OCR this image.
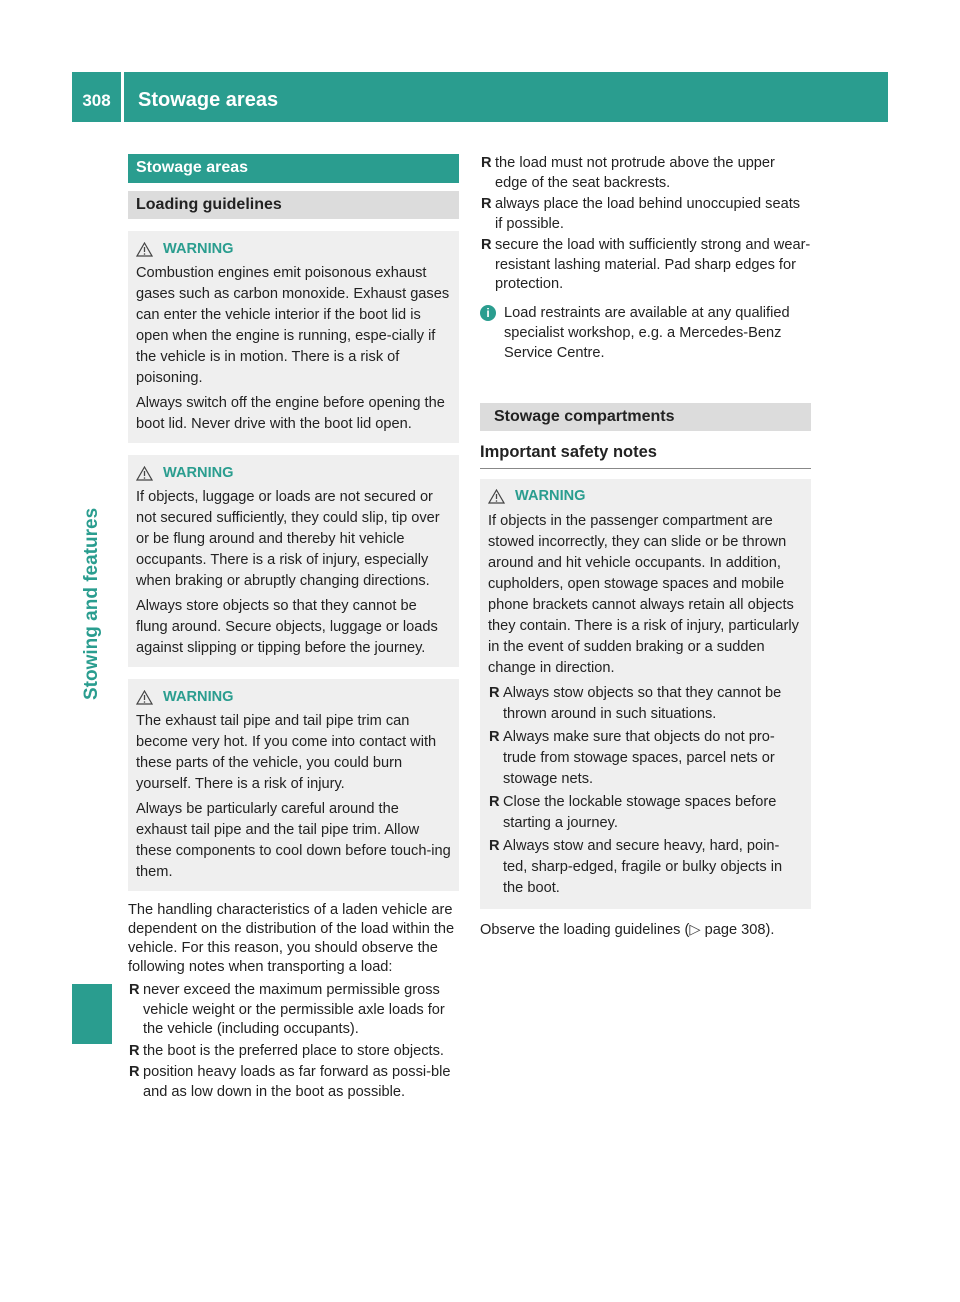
308	Stowage areas
Stowing and features
Stowage areas
Loading guidelines
WARNING

Combustion engines emit poisonous exhaust gases such as carbon monoxide. Exhaust gases can enter the vehicle interior if the boot lid is open when the engine is running, espe-cially if the vehicle is in motion. There is a risk of poisoning.

Always switch off the engine before opening the boot lid. Never drive with the boot lid open.

WARNING

If objects, luggage or loads are not secured or not secured sufficiently, they could slip, tip over or be flung around and thereby hit vehicle occupants. There is a risk of injury, especially when braking or abruptly changing directions.

Always store objects so that they cannot be flung around. Secure objects, luggage or loads against slipping or tipping before the journey.

WARNING

The exhaust tail pipe and tail pipe trim can become very hot. If you come into contact with these parts of the vehicle, you could burn yourself. There is a risk of injury.

Always be particularly careful around the exhaust tail pipe and the tail pipe trim. Allow these components to cool down before touch-ing them.

The handling characteristics of a laden vehicle are dependent on the distribution of the load within the vehicle. For this reason, you should observe the following notes when transporting a load:

R never exceed the maximum permissible gross vehicle weight or the permissible axle loads for the vehicle (including occupants).
R the boot is the preferred place to store objects.
R position heavy loads as far forward as possi-ble and as low down in the boot as possible.
R the load must not protrude above the upper edge of the seat backrests.
R always place the load behind unoccupied seats if possible.
R secure the load with sufficiently strong and wear-resistant lashing material. Pad sharp edges for protection.
i Load restraints are available at any qualified specialist workshop, e.g. a Mercedes-Benz Service Centre.
Stowage compartments
Important safety notes
WARNING

If objects in the passenger compartment are stowed incorrectly, they can slide or be thrown around and hit vehicle occupants. In addition, cupholders, open stowage spaces and mobile phone brackets cannot always retain all objects they contain. There is a risk of injury, particularly in the event of sudden braking or a sudden change in direction.

R Always stow objects so that they cannot be thrown around in such situations.
R Always make sure that objects do not pro-trude from stowage spaces, parcel nets or stowage nets.
R Close the lockable stowage spaces before starting a journey.
R Always stow and secure heavy, hard, poin-ted, sharp-edged, fragile or bulky objects in the boot.

Observe the loading guidelines (▷ page 308).
